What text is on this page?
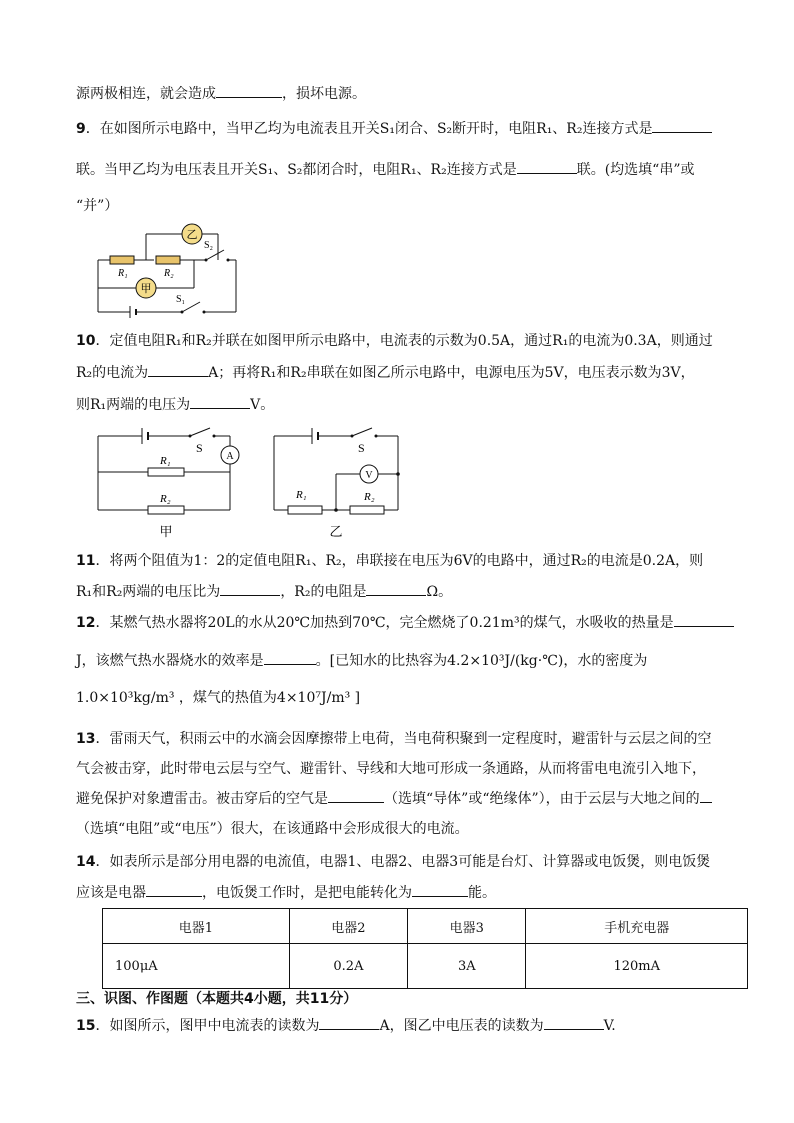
源两极相连，就会造成	，损坏电源。
9．在如图所示电路中，当甲乙均为电流表且开关S₁闭合、S₂断开时，电阻R₁、R₂连接方式是
联。当甲乙均为电压表且开关S₁、S₂都闭合时，电阻R₁、R₂连接方式是	联。(均选填“串”或
“并”）
乙
甲
R₁	R₂
S₂
S₁
10．定值电阻R₁和R₂并联在如图甲所示电路中，电流表的示数为0.5A，通过R₁的电流为0.3A，则通过
R₂的电流为	A；再将R₁和R₂串联在如图乙所示电路中，电源电压为5V，电压表示数为3V，
则R₁两端的电压为	V。
A
S
R₁
R₂
甲
V
S
R₁	R₂
乙
11．将两个阻值为1：2的定值电阻R₁、R₂，串联接在电压为6V的电路中，通过R₂的电流是0.2A，则
R₁和R₂两端的电压比为	，R₂的电阻是	Ω。
12．某燃气热水器将20L的水从20℃加热到70℃，完全燃烧了0.21m³的煤气，水吸收的热量是
J，该燃气热水器烧水的效率是	。[已知水的比热容为4.2×10³J/(kg·℃)，水的密度为
1.0×10³kg/m³ ，煤气的热值为4×10⁷J/m³ ]
13．雷雨天气，积雨云中的水滴会因摩擦带上电荷，当电荷积聚到一定程度时，避雷针与云层之间的空
气会被击穿，此时带电云层与空气、避雷针、导线和大地可形成一条通路，从而将雷电电流引入地下，
避免保护对象遭雷击。被击穿后的空气是	（选填“导体”或“绝缘体”），由于云层与大地之间的
（选填“电阻”或“电压”）很大，在该通路中会形成很大的电流。
14．如表所示是部分用电器的电流值，电器1、电器2、电器3可能是台灯、计算器或电饭煲，则电饭煲
应该是电器	，电饭煲工作时，是把电能转化为	能。
电器1	电器2	电器3	手机充电器
100μA	0.2A	3A	120mA
三、识图、作图题（本题共4小题，共11分）
15．如图所示，图甲中电流表的读数为	A，图乙中电压表的读数为	V.
